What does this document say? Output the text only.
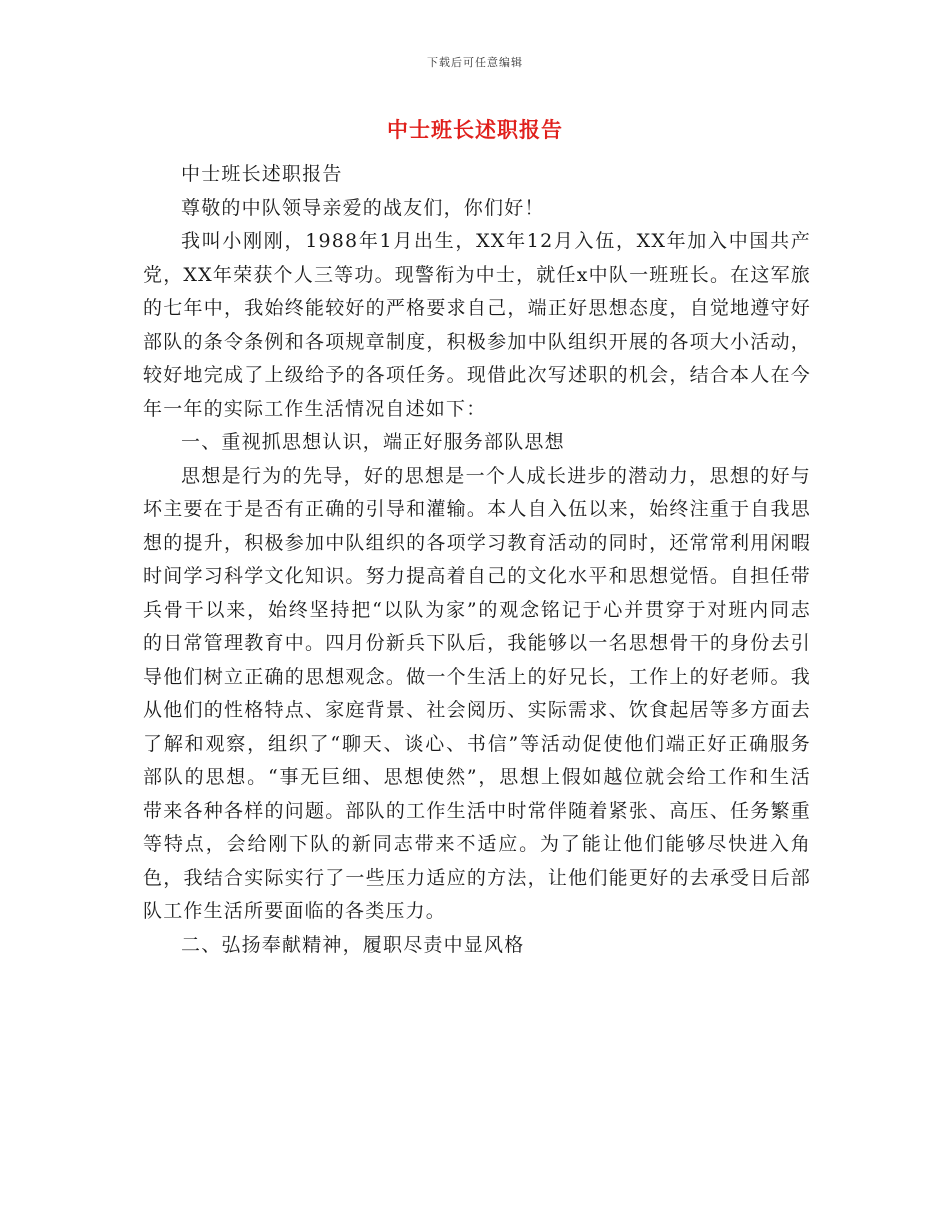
下载后可任意编辑
中士班长述职报告

中士班长述职报告

尊敬的中队领导亲爱的战友们，你们好！

我叫小刚刚，1988年1月出生，XX年12月入伍，XX年加入中国共产党，XX年荣获个人三等功。现警衔为中士，就任x中队一班班长。在这军旅的七年中，我始终能较好的严格要求自己，端正好思想态度，自觉地遵守好部队的条令条例和各项规章制度，积极参加中队组织开展的各项大小活动，较好地完成了上级给予的各项任务。现借此次写述职的机会，结合本人在今年一年的实际工作生活情况自述如下：

一、重视抓思想认识，端正好服务部队思想

思想是行为的先导，好的思想是一个人成长进步的潜动力，思想的好与坏主要在于是否有正确的引导和灌输。本人自入伍以来，始终注重于自我思想的提升，积极参加中队组织的各项学习教育活动的同时，还常常利用闲暇时间学习科学文化知识。努力提高着自己的文化水平和思想觉悟。自担任带兵骨干以来，始终坚持把“以队为家”的观念铭记于心并贯穿于对班内同志的日常管理教育中。四月份新兵下队后，我能够以一名思想骨干的身份去引导他们树立正确的思想观念。做一个生活上的好兄长，工作上的好老师。我从他们的性格特点、家庭背景、社会阅历、实际需求、饮食起居等多方面去了解和观察，组织了“聊天、谈心、书信”等活动促使他们端正好正确服务部队的思想。“事无巨细、思想使然”，思想上假如越位就会给工作和生活带来各种各样的问题。部队的工作生活中时常伴随着紧张、高压、任务繁重等特点，会给刚下队的新同志带来不适应。为了能让他们能够尽快进入角色，我结合实际实行了一些压力适应的方法，让他们能更好的去承受日后部队工作生活所要面临的各类压力。

二、弘扬奉献精神，履职尽责中显风格
